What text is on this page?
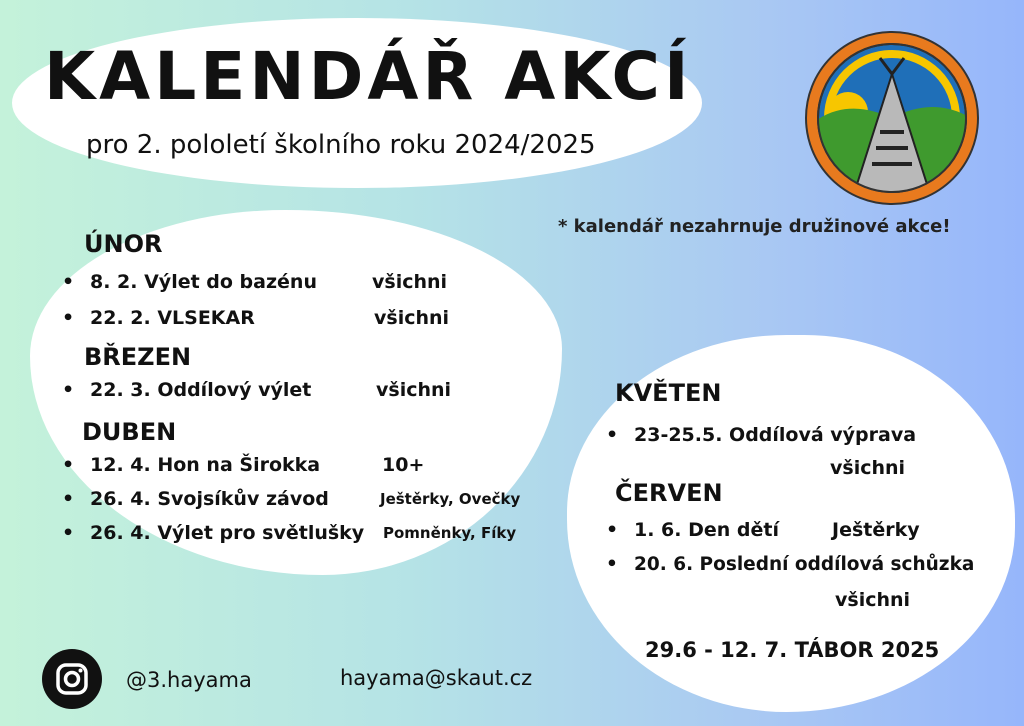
KALENDÁŘ AKCÍ
pro 2. pololetí školního roku 2024/2025
* kalendář nezahrnuje družinové akce!
ÚNOR
• 8. 2. Výlet do bazénu	všichni
• 22. 2. VLSEKAR	všichni
BŘEZEN
• 22. 3. Oddílový výlet	všichni
DUBEN
• 12. 4. Hon na Širokka	10+
• 26. 4. Svojsíkův závod	Ještěrky, Ovečky
• 26. 4. Výlet pro světlušky Pomněnky, Fíky
KVĚTEN
• 23-25.5. Oddílová výprava
všichni
ČERVEN
• 1. 6. Den dětí	Ještěrky
• 20. 6. Poslední oddílová schůzka
všichni
29.6 - 12. 7. TÁBOR 2025
@3.hayama	hayama@skaut.cz
